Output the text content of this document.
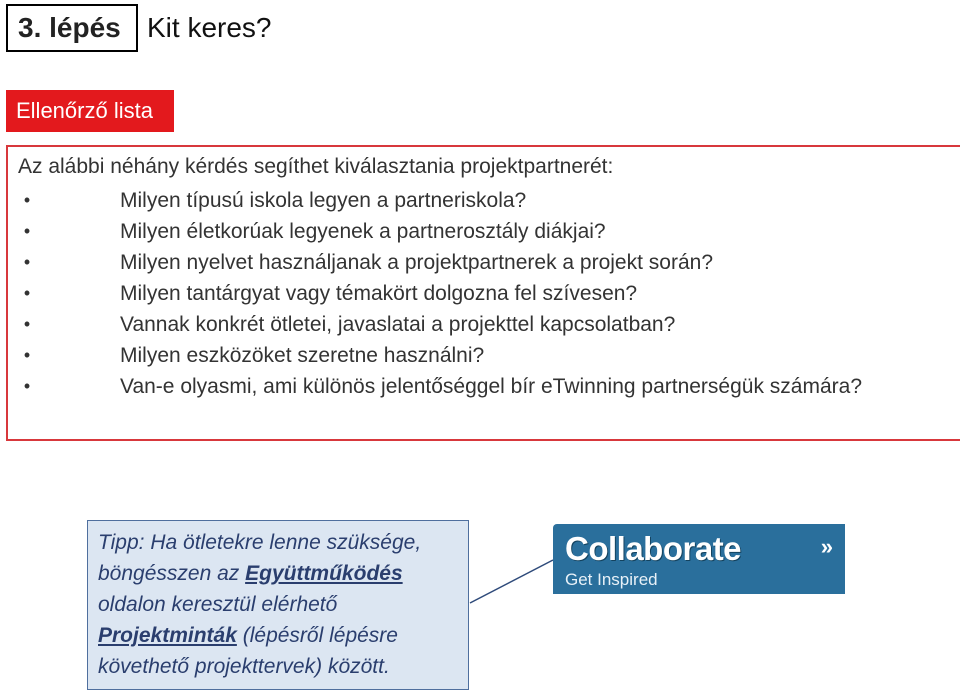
3. lépés Kit keres?
Ellenőrző lista
Az alábbi néhány kérdés segíthet kiválasztania projektpartnerét:
•	Milyen típusú iskola legyen a partneriskola?
•	Milyen életkorúak legyenek a partnerosztály diákjai?
•	Milyen nyelvet használjanak a projektpartnerek a projekt során?
•	Milyen tantárgyat vagy témakört dolgozna fel szívesen?
•	Vannak konkrét ötletei, javaslatai a projekttel kapcsolatban?
•	Milyen eszközöket szeretne használni?
•	Van-e olyasmi, ami különös jelentőséggel bír eTwinning partnerségük számára?
Tipp: Ha ötletekre lenne szüksége, böngésszen az Együttműködés oldalon keresztül elérhető Projektminták (lépésről lépésre követhető projekttervek) között.
Collaborate
Get Inspired
»
